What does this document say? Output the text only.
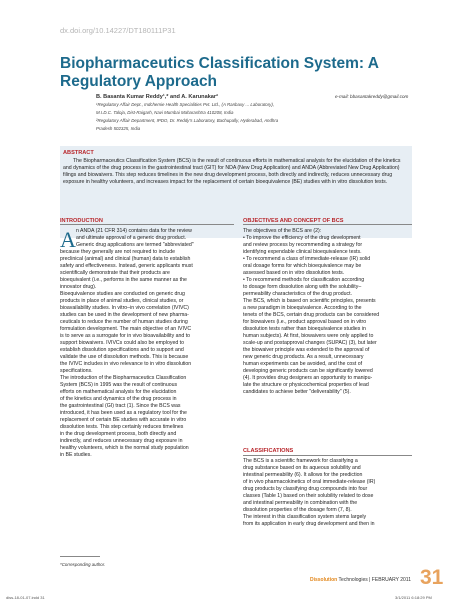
dx.doi.org/10.14227/DT180111P31
Biopharmaceutics Classification System: A Regulatory Approach
B. Basanta Kumar Reddy¹,* and A. Karunakar²	e-mail: bbasantakreddy@gmail.com
¹Regulatory Affair Dept., Indchemie Health Specialities Pvt. Ltd., (A Ranbaxy ... Laboratory),
M.I.D.C. Taloja, Dist-Raigarh, Navi Mumbai Maharashtra 410208, India
²Regulatory Affair Department, IPDO, Dr. Reddy's Laboratory, Bachupally, Hyderabad, Andhra
Pradesh 502325, India
ABSTRACT
The Biopharmaceutics Classification System (BCS) is the result of continuous efforts in mathematical analysis for the elucidation of the kinetics and dynamics of the drug process in the gastrointestinal tract (GIT) for NDA (New Drug Application) and ANDA (Abbreviated New Drug Application) filings and biowaivers. This step reduces timelines in the new drug development process, both directly and indirectly, reduces unnecessary drug exposure in healthy volunteers, and increases impact for the replacement of certain bioequivalence (BE) studies with in vitro dissolution tests.
INTRODUCTION
A n ANDA (21 CFR 314) contains data for the review
and ultimate approval of a generic drug product.
Generic drug applications are termed "abbreviated"
because they generally are not required to include
preclinical (animal) and clinical (human) data to establish
safety and effectiveness. Instead, generic applicants must
scientifically demonstrate that their products are
bioequivalent (i.e., performs in the same manner as the
innovator drug).
Bioequivalence studies are conducted on generic drug
products in place of animal studies, clinical studies, or
bioavailability studies. In vitro–in vivo correlation (IVIVC)
studies can be used in the development of new pharma-
ceuticals to reduce the number of human studies during
formulation development. The main objective of an IVIVC
is to serve as a surrogate for in vivo bioavailability and to
support biowaivers. IVIVCs could also be employed to
establish dissolution specifications and to support and
validate the use of dissolution methods. This is because
the IVIVC includes in vivo relevance to in vitro dissolution
specifications.
The introduction of the Biopharmaceutics Classification
System (BCS) in 1995 was the result of continuous
efforts on mathematical analysis for the elucidation
of the kinetics and dynamics of the drug process in
the gastrointestinal (GI) tract (1). Since the BCS was
introduced, it has been used as a regulatory tool for the
replacement of certain BE studies with accurate in vitro
dissolution tests. This step certainly reduces timelines
in the drug development process, both directly and
indirectly, and reduces unnecessary drug exposure in
healthy volunteers, which is the normal study population
in BE studies.
OBJECTIVES AND CONCEPT OF BCS
The objectives of the BCS are (2):
• To improve the efficiency of the drug development
and review process by recommending a strategy for
identifying expendable clinical bioequivalence tests.
• To recommend a class of immediate-release (IR) solid
oral dosage forms for which bioequivalence may be
assessed based on in vitro dissolution tests.
• To recommend methods for classification according
to dosage form dissolution along with the solubility–
permeability characteristics of the drug product.
The BCS, which is based on scientific principles, presents
a new paradigm in bioequivalence. According to the
tenets of the BCS, certain drug products can be considered
for biowaivers (i.e., product approval based on in vitro
dissolution tests rather than bioequivalence studies in
human subjects). At first, biowaivers were only applied to
scale-up and postapproval changes (SUPAC) (3), but later
the biowaiver principle was extended to the approval of
new generic drug products. As a result, unnecessary
human experiments can be avoided, and the cost of
developing generic products can be significantly lowered
(4). It provides drug designers an opportunity to manipu-
late the structure or physicochemical properties of lead
candidates to achieve better "deliverability" (5).
CLASSIFICATIONS
The BCS is a scientific framework for classifying a
drug substance based on its aqueous solubility and
intestinal permeability (6). It allows for the prediction
of in vivo pharmacokinetics of oral immediate-release (IR)
drug products by classifying drug compounds into four
classes (Table 1) based on their solubility related to dose
and intestinal permeability in combination with the
dissolution properties of the dosage form (7, 8).
The interest in this classification system stems largely
from its application in early drug development and then in
*Corresponding author.
Dissolution Technologies | FEBRUARY 2011 31
diss-18-01-07.indd 31	3/1/2011 6:18:29 PM
